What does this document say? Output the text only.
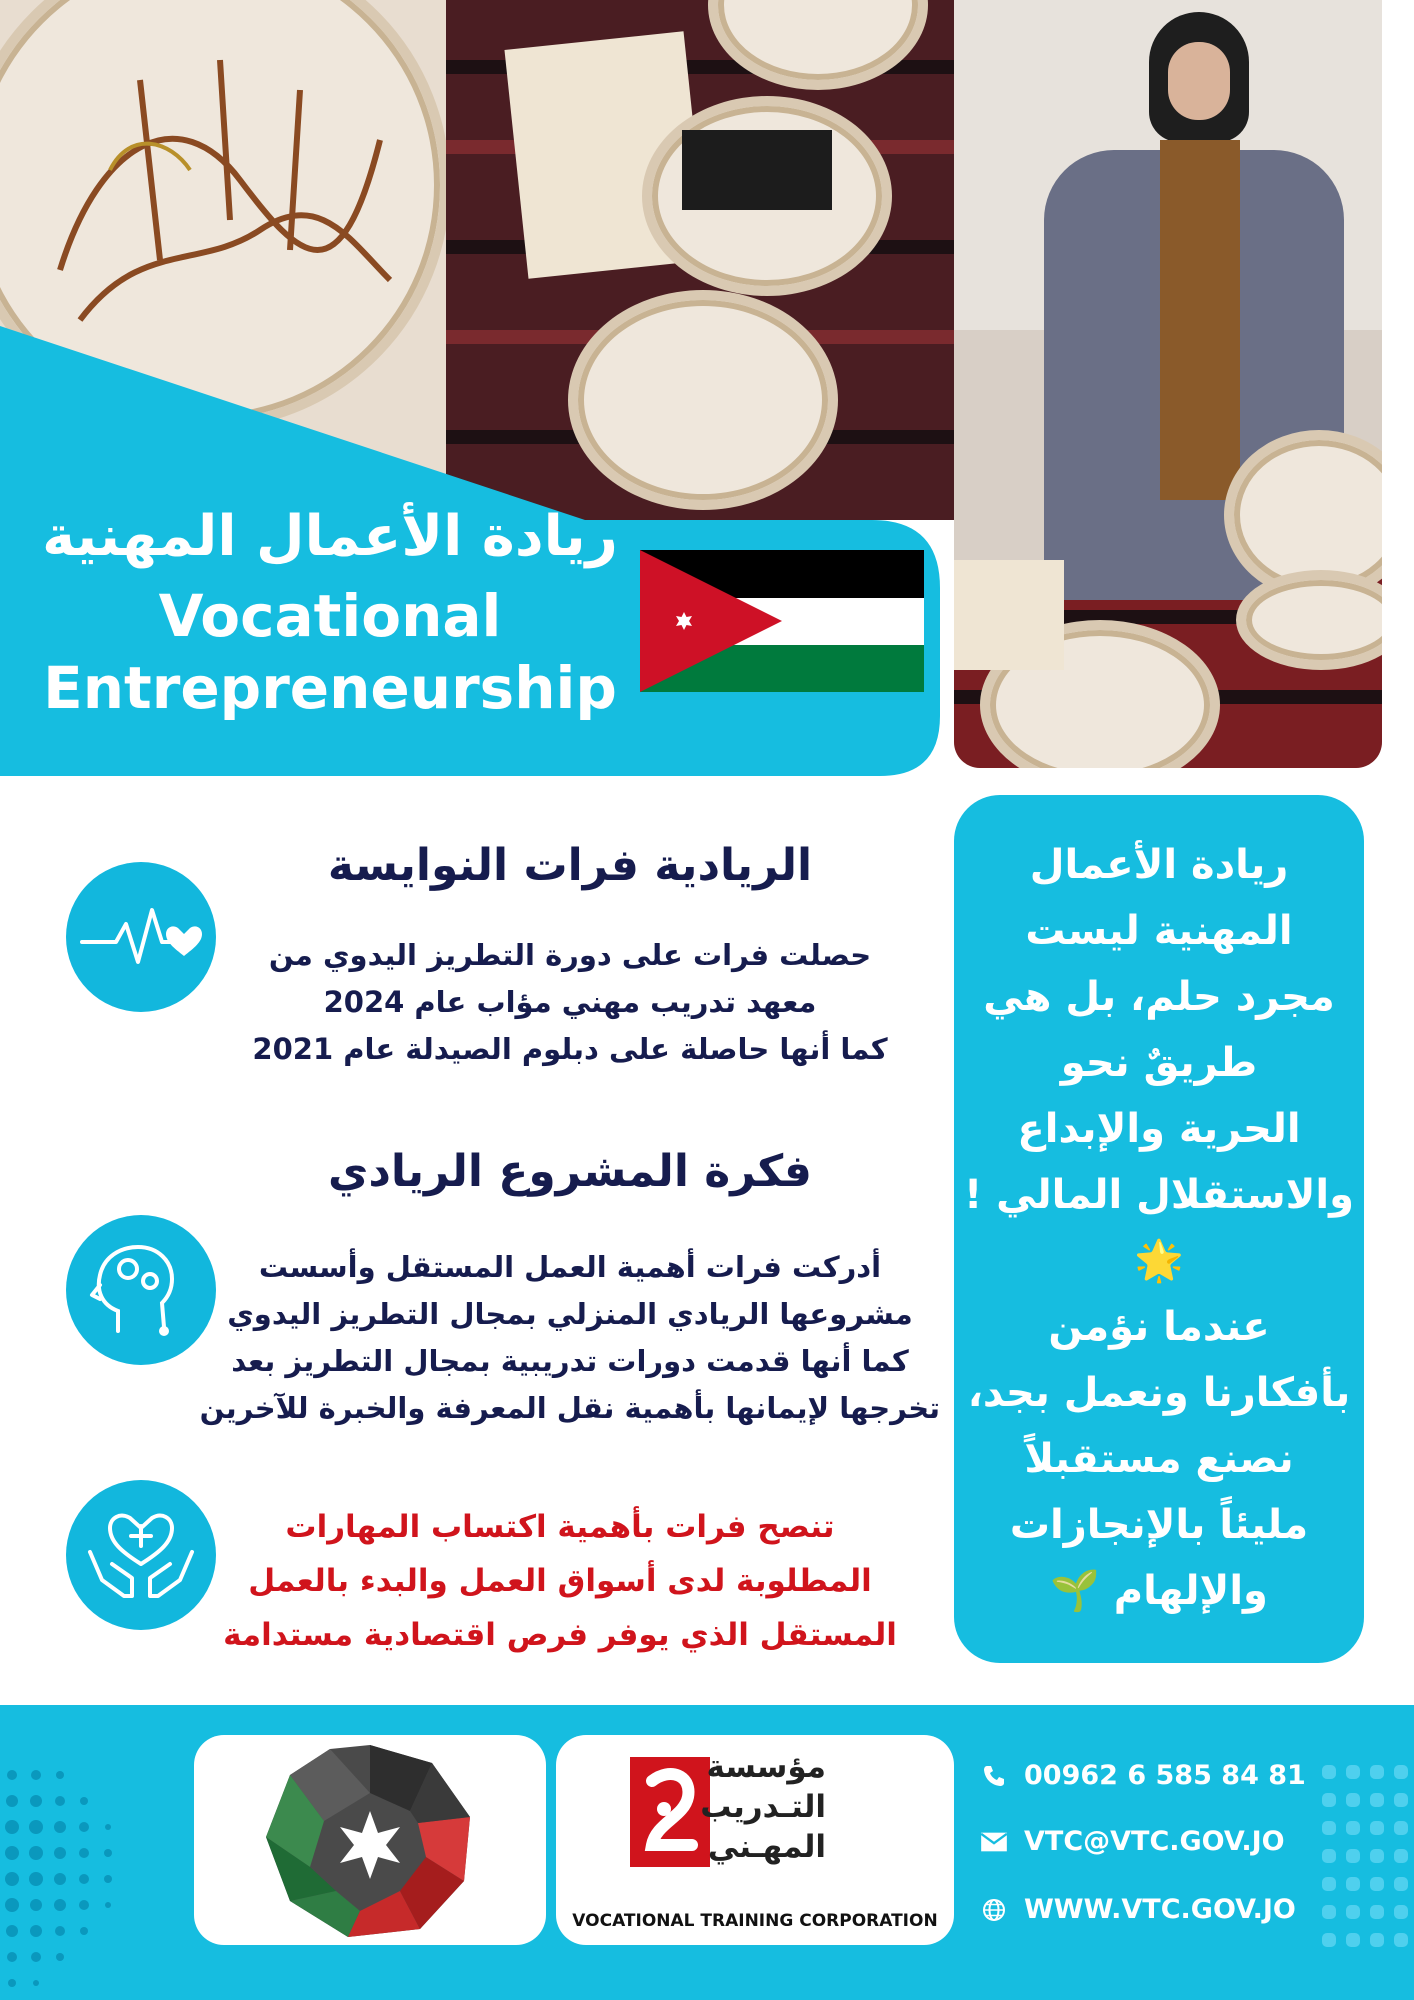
ريادة الأعمال المهنية
Vocational Entrepreneurship
ريادة الأعمال
المهنية ليست
مجرد حلم، بل هي
طريقٌ نحو
الحرية والإبداع
والاستقلال المالي !
🌟
عندما نؤمن
بأفكارنا ونعمل بجد،
نصنع مستقبلاً
مليئاً بالإنجازات
والإلهام 🌱
الريادية فرات النوايسة
حصلت فرات على دورة التطريز اليدوي من
معهد تدريب مهني مؤاب عام 2024
كما أنها حاصلة على دبلوم الصيدلة عام 2021
فكرة المشروع الريادي
أدركت فرات أهمية العمل المستقل وأسست
مشروعها الريادي المنزلي بمجال التطريز اليدوي
كما أنها قدمت دورات تدريبية بمجال التطريز بعد
تخرجها لإيمانها بأهمية نقل المعرفة والخبرة للآخرين
تنصح فرات بأهمية اكتساب المهارات
المطلوبة لدى أسواق العمل والبدء بالعمل
المستقل الذي يوفر فرص اقتصادية مستدامة
مؤسسة
التـدريب
المهـني
VOCATIONAL TRAINING CORPORATION
00962 6 585 84 81
VTC@VTC.GOV.JO
WWW.VTC.GOV.JO
